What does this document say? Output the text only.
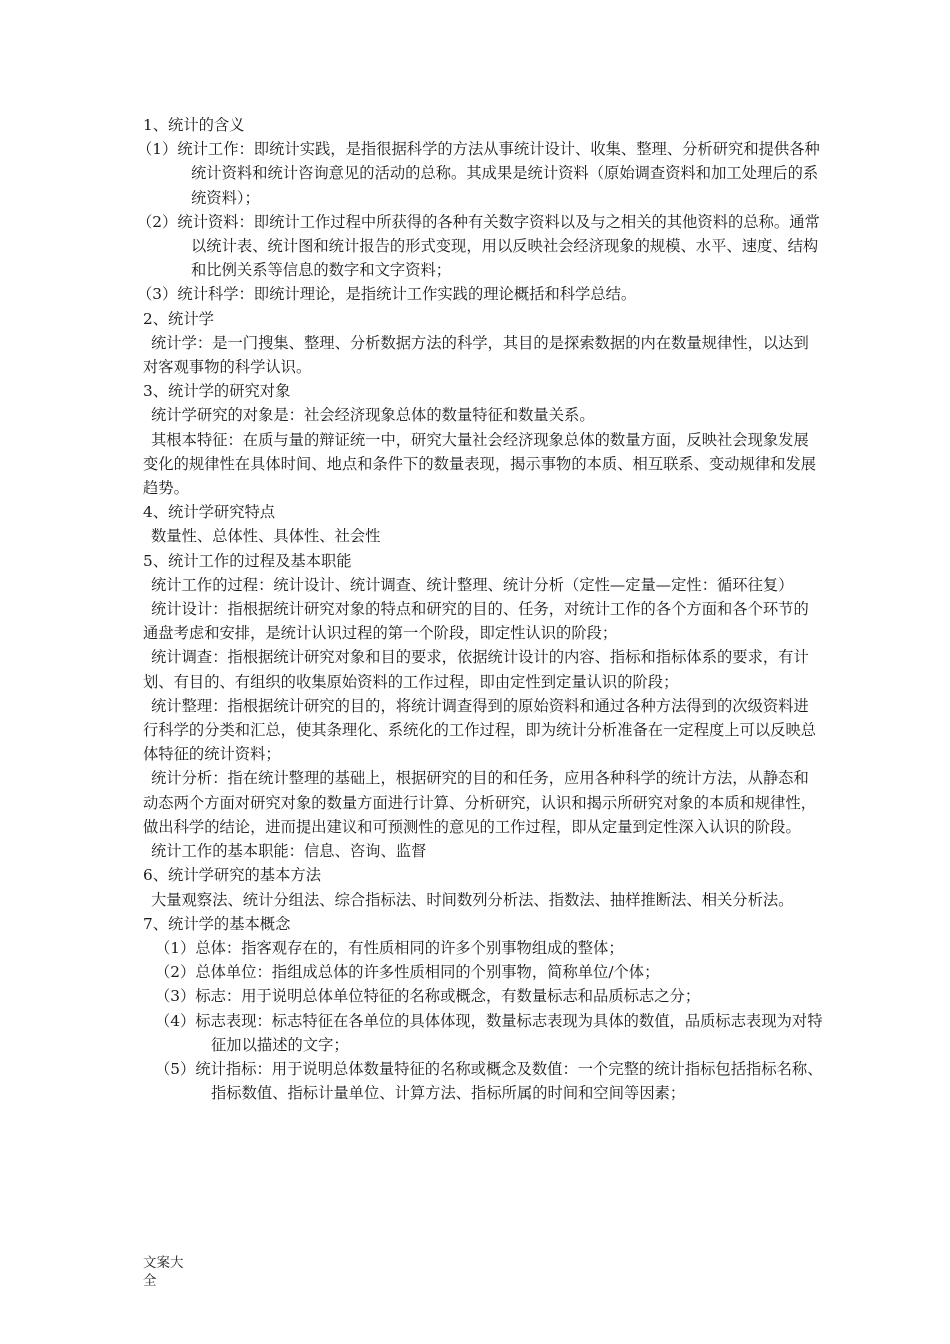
1、统计的含义
（1）统计工作：即统计实践，是指很据科学的方法从事统计设计、收集、整理、分析研究和提供各种统计资料和统计咨询意见的活动的总称。其成果是统计资料（原始调查资料和加工处理后的系统资料）；
（2）统计资料：即统计工作过程中所获得的各种有关数字资料以及与之相关的其他资料的总称。通常以统计表、统计图和统计报告的形式变现，用以反映社会经济现象的规模、水平、速度、结构和比例关系等信息的数字和文字资料；
（3）统计科学：即统计理论，是指统计工作实践的理论概括和科学总结。
2、统计学
统计学：是一门搜集、整理、分析数据方法的科学，其目的是探索数据的内在数量规律性，以达到对客观事物的科学认识。
3、统计学的研究对象
统计学研究的对象是：社会经济现象总体的数量特征和数量关系。
其根本特征：在质与量的辩证统一中，研究大量社会经济现象总体的数量方面，反映社会现象发展变化的规律性在具体时间、地点和条件下的数量表现，揭示事物的本质、相互联系、变动规律和发展趋势。
4、统计学研究特点
数量性、总体性、具体性、社会性
5、统计工作的过程及基本职能
统计工作的过程：统计设计、统计调查、统计整理、统计分析（定性—定量—定性：循环往复）
统计设计：指根据统计研究对象的特点和研究的目的、任务，对统计工作的各个方面和各个环节的通盘考虑和安排，是统计认识过程的第一个阶段，即定性认识的阶段；
统计调查：指根据统计研究对象和目的要求，依据统计设计的内容、指标和指标体系的要求，有计划、有目的、有组织的收集原始资料的工作过程，即由定性到定量认识的阶段；
统计整理：指根据统计研究的目的，将统计调查得到的原始资料和通过各种方法得到的次级资料进行科学的分类和汇总，使其条理化、系统化的工作过程，即为统计分析准备在一定程度上可以反映总体特征的统计资料；
统计分析：指在统计整理的基础上，根据研究的目的和任务，应用各种科学的统计方法，从静态和动态两个方面对研究对象的数量方面进行计算、分析研究，认识和揭示所研究对象的本质和规律性，做出科学的结论，进而提出建议和可预测性的意见的工作过程，即从定量到定性深入认识的阶段。
统计工作的基本职能：信息、咨询、监督
6、统计学研究的基本方法
大量观察法、统计分组法、综合指标法、时间数列分析法、指数法、抽样推断法、相关分析法。
7、统计学的基本概念
（1）总体：指客观存在的，有性质相同的许多个别事物组成的整体；
（2）总体单位：指组成总体的许多性质相同的个别事物，简称单位/个体；
（3）标志：用于说明总体单位特征的名称或概念，有数量标志和品质标志之分；
（4）标志表现：标志特征在各单位的具体体现，数量标志表现为具体的数值，品质标志表现为对特征加以描述的文字；
（5）统计指标：用于说明总体数量特征的名称或概念及数值：一个完整的统计指标包括指标名称、指标数值、指标计量单位、计算方法、指标所属的时间和空间等因素；
文案大全
